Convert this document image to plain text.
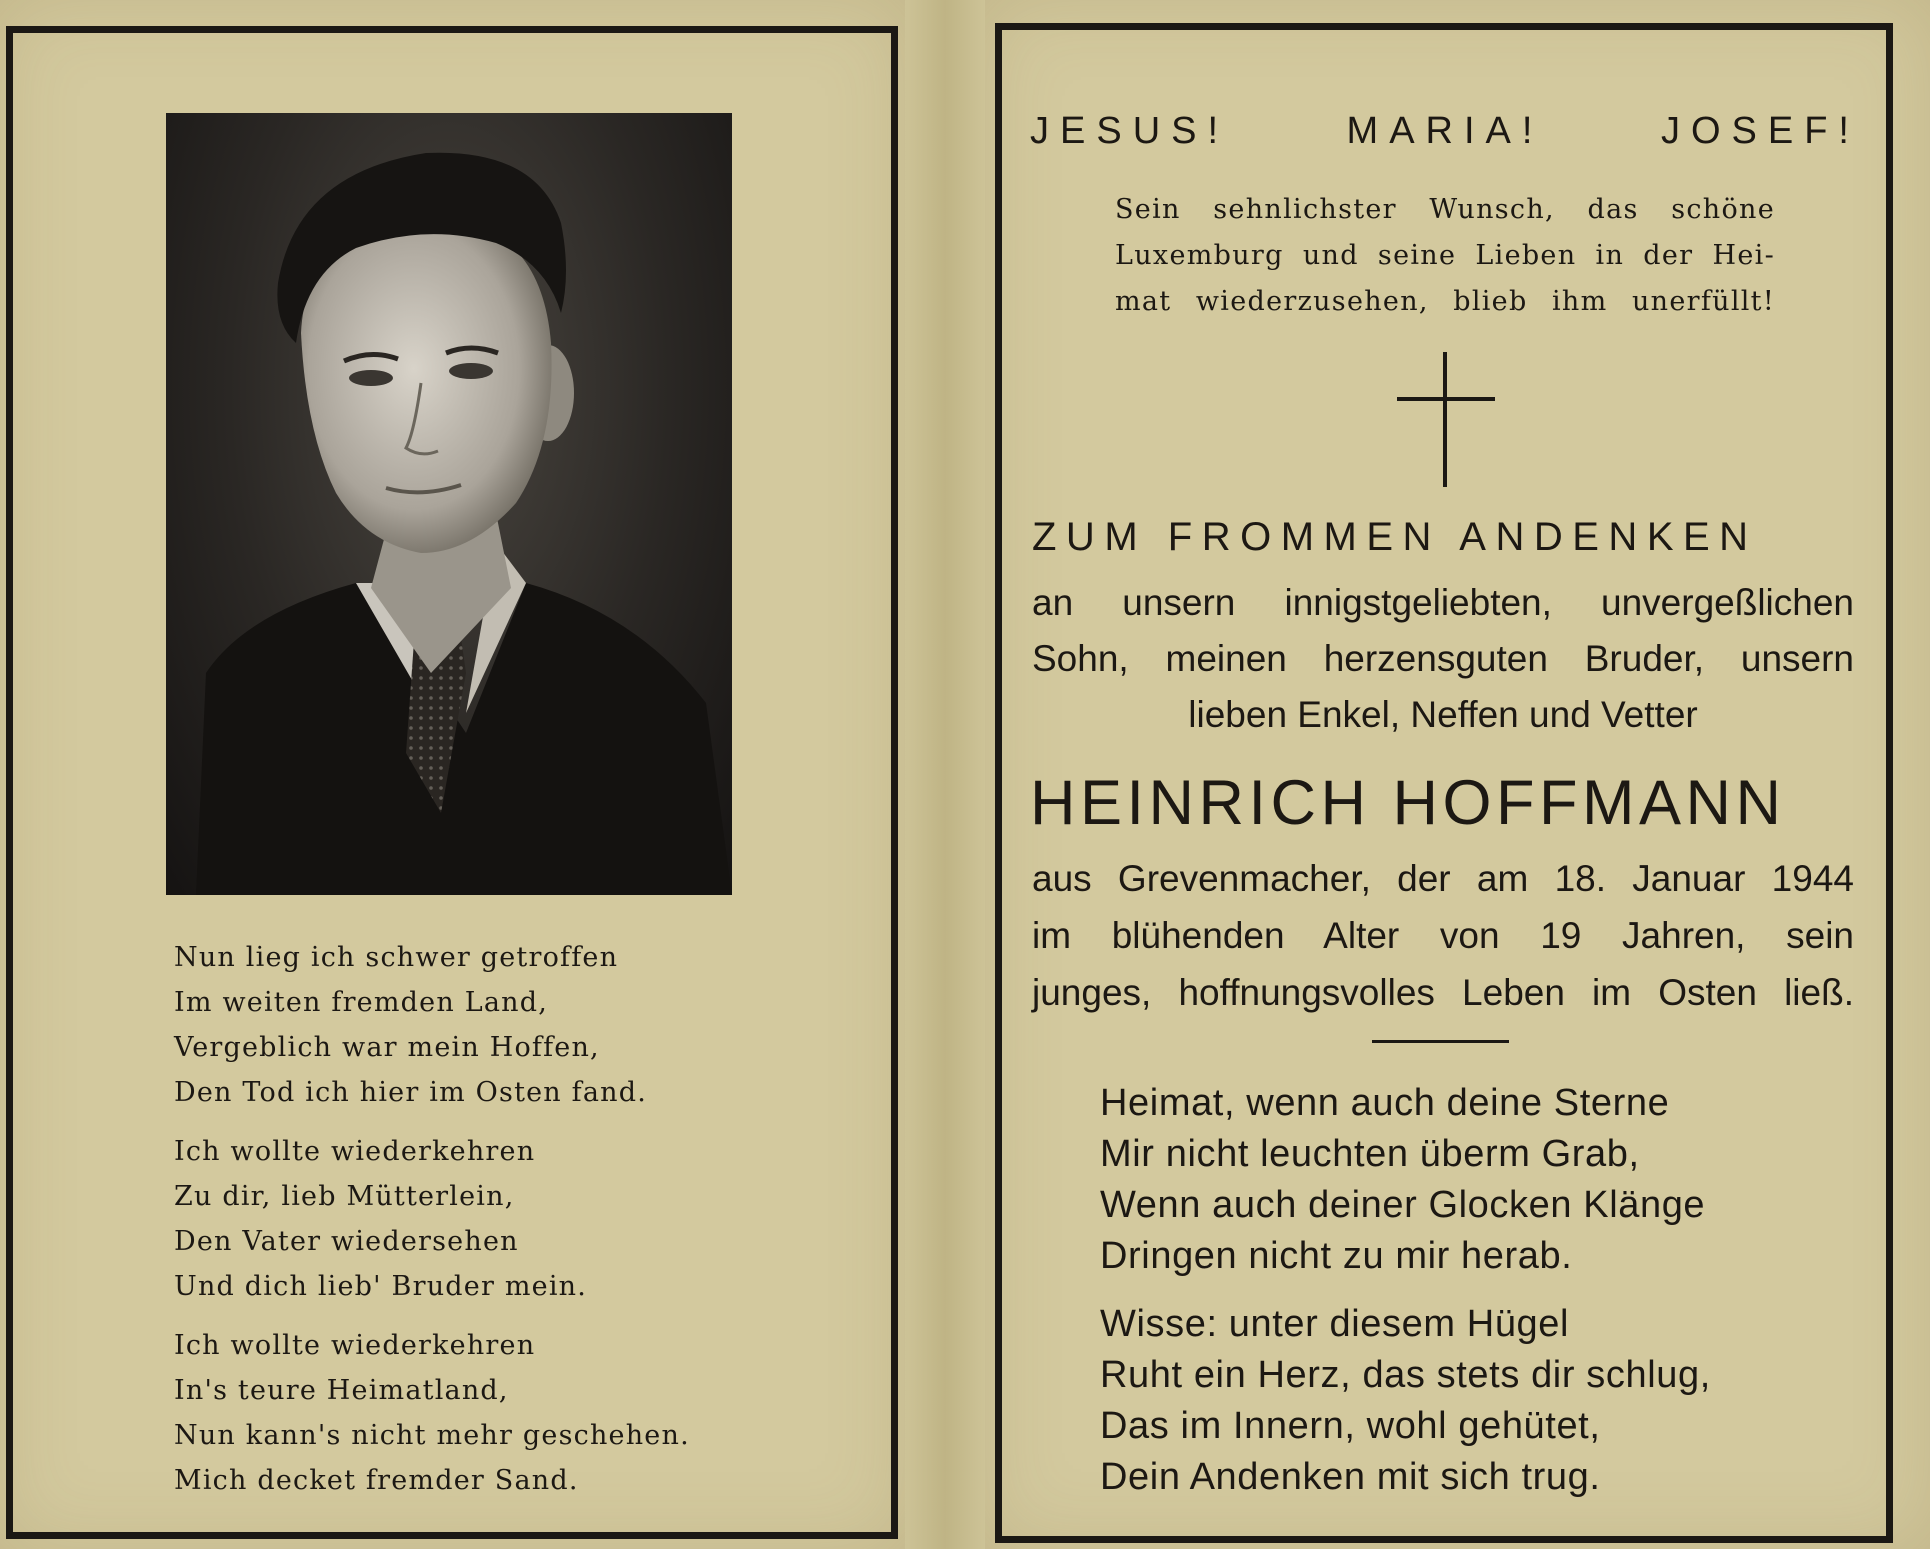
Nun lieg ich schwer getroffen
Im weiten fremden Land,
Vergeblich war mein Hoffen,
Den Tod ich hier im Osten fand.
Ich wollte wiederkehren
Zu dir, lieb Mütterlein,
Den Vater wiedersehen
Und dich lieb' Bruder mein.
Ich wollte wiederkehren
In's teure Heimatland,
Nun kann's nicht mehr geschehen.
Mich decket fremder Sand.
JESUS!	MARIA!	JOSEF!
Sein sehnlichster Wunsch, das schöne
Luxemburg und seine Lieben in der Hei-
mat wiederzusehen, blieb ihm unerfüllt!
ZUM FROMMEN ANDENKEN
an unsern innigstgeliebten, unvergeßlichen
Sohn, meinen herzensguten Bruder, unsern
lieben Enkel, Neffen und Vetter
HEINRICH HOFFMANN
aus Grevenmacher, der am 18. Januar 1944
im blühenden Alter von 19 Jahren, sein
junges, hoffnungsvolles Leben im Osten ließ.
Heimat, wenn auch deine Sterne
Mir nicht leuchten überm Grab,
Wenn auch deiner Glocken Klänge
Dringen nicht zu mir herab.
Wisse: unter diesem Hügel
Ruht ein Herz, das stets dir schlug,
Das im Innern, wohl gehütet,
Dein Andenken mit sich trug.
